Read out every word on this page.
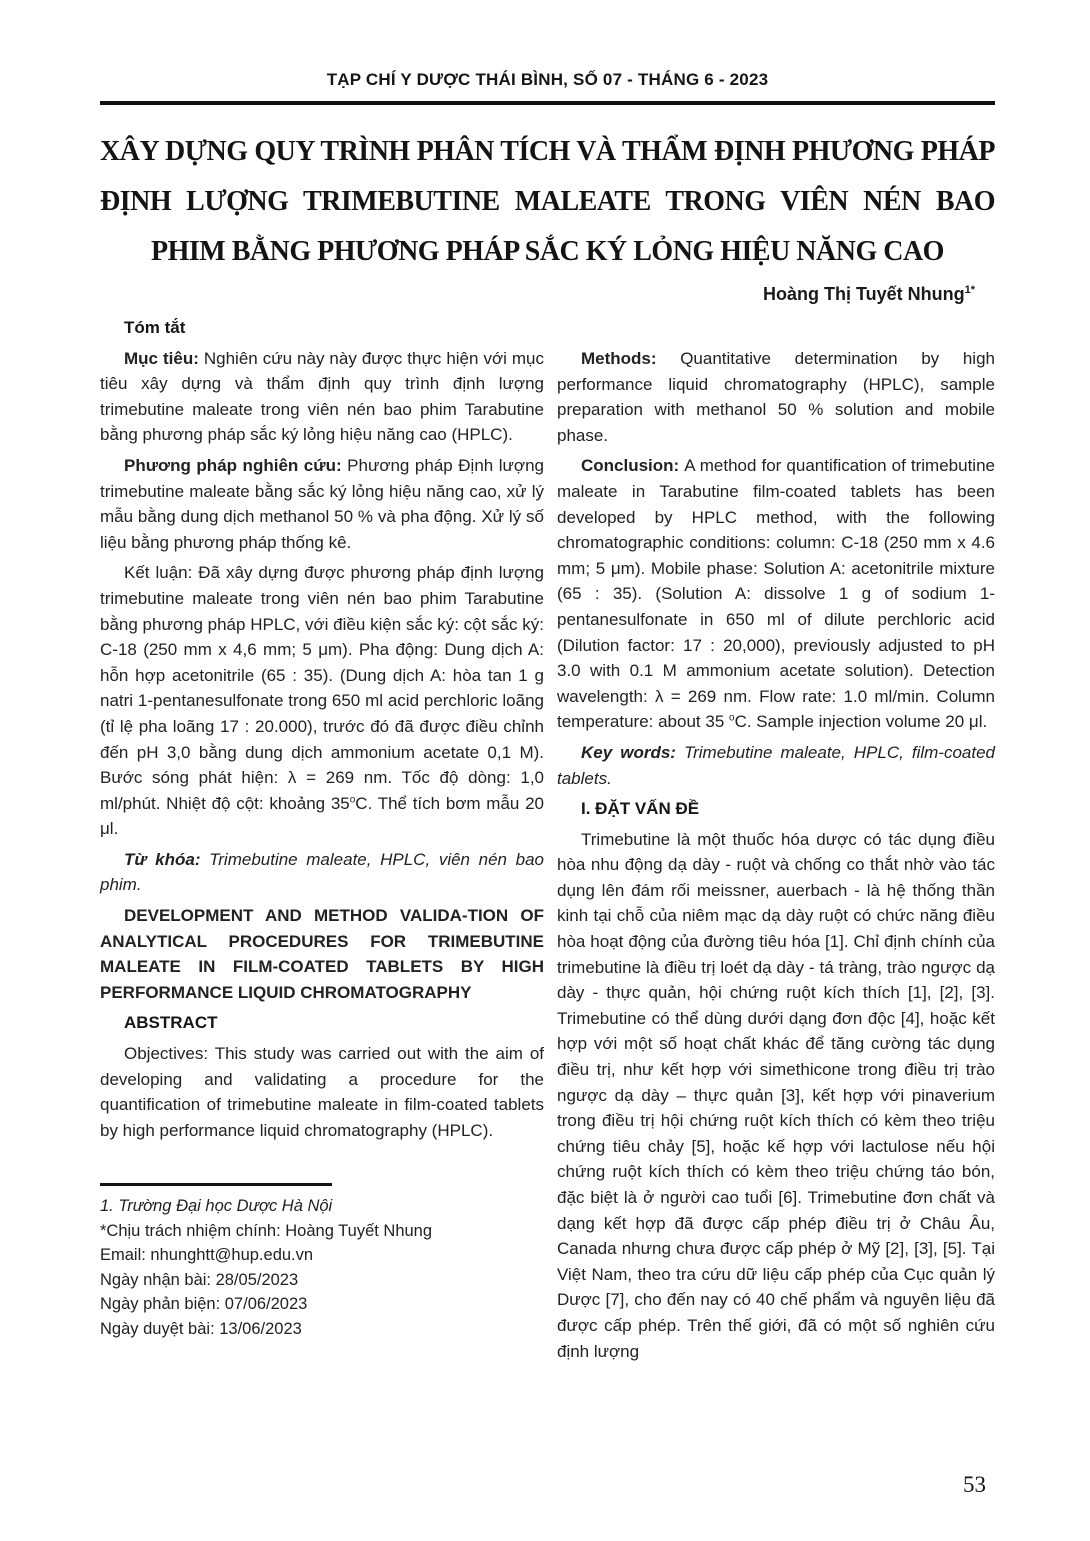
TẠP CHÍ Y DƯỢC THÁI BÌNH, SỐ 07 - THÁNG 6 - 2023
XÂY DỰNG QUY TRÌNH PHÂN TÍCH VÀ THẨM ĐỊNH PHƯƠNG PHÁP ĐỊNH LƯỢNG TRIMEBUTINE MALEATE TRONG VIÊN NÉN BAO PHIM BẰNG PHƯƠNG PHÁP SẮC KÝ LỎNG HIỆU NĂNG CAO
Hoàng Thị Tuyết Nhung$^{1*}$
Tóm tắt
Mục tiêu: Nghiên cứu này này được thực hiện với mục tiêu xây dựng và thẩm định quy trình định lượng trimebutine maleate trong viên nén bao phim Tarabutine bằng phương pháp sắc ký lỏng hiệu năng cao (HPLC).
Phương pháp nghiên cứu: Phương pháp Định lượng trimebutine maleate bằng sắc ký lỏng hiệu năng cao, xử lý mẫu bằng dung dịch methanol 50 % và pha động. Xử lý số liệu bằng phương pháp thống kê.
Kết luận: Đã xây dựng được phương pháp định lượng trimebutine maleate trong viên nén bao phim Tarabutine bằng phương pháp HPLC, với điều kiện sắc ký: cột sắc ký: C-18 (250 mm x 4,6 mm; 5 μm). Pha động: Dung dịch A: hỗn hợp acetonitrile (65 : 35). (Dung dịch A: hòa tan 1 g natri 1-pentanesulfonate trong 650 ml acid perchloric loãng (tỉ lệ pha loãng 17 : 20.000), trước đó đã được điều chỉnh đến pH 3,0 bằng dung dịch ammonium acetate 0,1 M). Bước sóng phát hiện: λ = 269 nm. Tốc độ dòng: 1,0 ml/phút. Nhiệt độ cột: khoảng 35$^o$C. Thể tích bơm mẫu 20 μl.
Từ khóa: Trimebutine maleate, HPLC, viên nén bao phim.
DEVELOPMENT AND METHOD VALIDA-TION OF ANALYTICAL PROCEDURES FOR TRIMEBUTINE MALEATE IN FILM-COATED TABLETS BY HIGH PERFORMANCE LIQUID CHROMATOGRAPHY
ABSTRACT
Objectives: This study was carried out with the aim of developing and validating a procedure for the quantification of trimebutine maleate in film-coated tablets by high performance liquid chromatography (HPLC).
1. Trường Đại học Dược Hà Nội
*Chịu trách nhiệm chính: Hoàng Tuyết Nhung
Email: nhunghtt@hup.edu.vn
Ngày nhận bài: 28/05/2023
Ngày phản biện: 07/06/2023
Ngày duyệt bài: 13/06/2023
Methods: Quantitative determination by high performance liquid chromatography (HPLC), sample preparation with methanol 50 % solution and mobile phase.
Conclusion: A method for quantification of trimebutine maleate in Tarabutine film-coated tablets has been developed by HPLC method, with the following chromatographic conditions: column: C-18 (250 mm x 4.6 mm; 5 μm). Mobile phase: Solution A: acetonitrile mixture (65 : 35). (Solution A: dissolve 1 g of sodium 1-pentanesulfonate in 650 ml of dilute perchloric acid (Dilution factor: 17 : 20,000), previously adjusted to pH 3.0 with 0.1 M ammonium acetate solution). Detection wavelength: λ = 269 nm. Flow rate: 1.0 ml/min. Column temperature: about 35 $^o$C. Sample injection volume 20 μl.
Key words: Trimebutine maleate, HPLC, film-coated tablets.
I. ĐẶT VẤN ĐỀ
Trimebutine là một thuốc hóa dược có tác dụng điều hòa nhu động dạ dày - ruột và chống co thắt nhờ vào tác dụng lên đám rối meissner, auerbach - là hệ thống thần kinh tại chỗ của niêm mạc dạ dày ruột có chức năng điều hòa hoạt động của đường tiêu hóa [1]. Chỉ định chính của trimebutine là điều trị loét dạ dày - tá tràng, trào ngược dạ dày - thực quản, hội chứng ruột kích thích [1], [2], [3]. Trimebutine có thể dùng dưới dạng đơn độc [4], hoặc kết hợp với một số hoạt chất khác để tăng cường tác dụng điều trị, như kết hợp với simethicone trong điều trị trào ngược dạ dày – thực quản [3], kết hợp với pinaverium trong điều trị hội chứng ruột kích thích có kèm theo triệu chứng tiêu chảy [5], hoặc kế hợp với lactulose nếu hội chứng ruột kích thích có kèm theo triệu chứng táo bón, đặc biệt là ở người cao tuổi [6]. Trimebutine đơn chất và dạng kết hợp đã được cấp phép điều trị ở Châu Âu, Canada nhưng chưa được cấp phép ở Mỹ [2], [3], [5]. Tại Việt Nam, theo tra cứu dữ liệu cấp phép của Cục quản lý Dược [7], cho đến nay có 40 chế phẩm và nguyên liệu đã được cấp phép. Trên thế giới, đã có một số nghiên cứu định lượng
53
